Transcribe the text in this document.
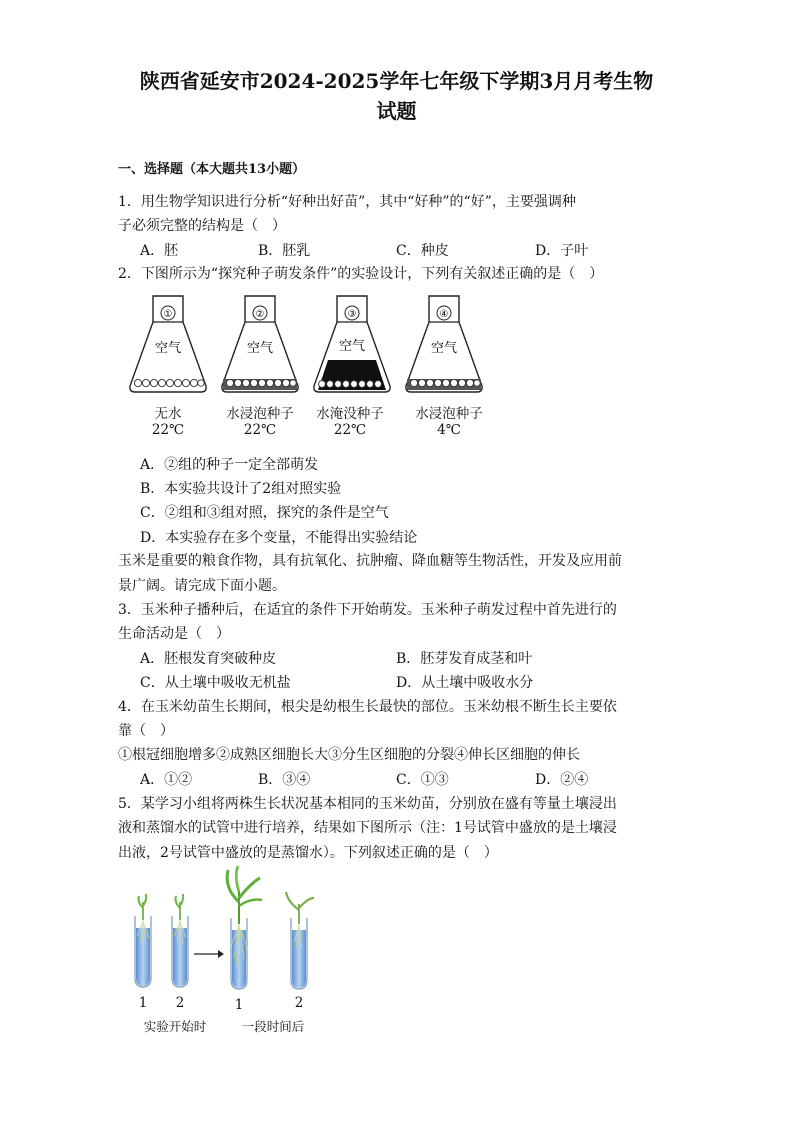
陕西省延安市2024-2025学年七年级下学期3月月考生物
试题
一、选择题（本大题共13小题）
1．用生物学知识进行分析“好种出好苗”，其中“好种”的“好”，主要强调种
子必须完整的结构是（　）
A．胚	B．胚乳	C．种皮	D．子叶
2．下图所示为“探究种子萌发条件”的实验设计，下列有关叙述正确的是（　）
①
空气
②
空气
③
空气
④
空气
无水
22℃
水浸泡种子
22℃
水淹没种子
22℃
水浸泡种子
4℃
A．②组的种子一定全部萌发
B．本实验共设计了2组对照实验
C．②组和③组对照，探究的条件是空气
D．本实验存在多个变量，不能得出实验结论
玉米是重要的粮食作物，具有抗氧化、抗肿瘤、降血糖等生物活性，开发及应用前
景广阔。请完成下面小题。
3．玉米种子播种后，在适宜的条件下开始萌发。玉米种子萌发过程中首先进行的
生命活动是（　）
A．胚根发育突破种皮	B．胚芽发育成茎和叶
C．从土壤中吸收无机盐	D．从土壤中吸收水分
4．在玉米幼苗生长期间，根尖是幼根生长最快的部位。玉米幼根不断生长主要依
靠（　）
①根冠细胞增多②成熟区细胞长大③分生区细胞的分裂④伸长区细胞的伸长
A．①②	B．③④	C．①③	D．②④
5．某学习小组将两株生长状况基本相同的玉米幼苗，分别放在盛有等量土壤浸出
液和蒸馏水的试管中进行培养，结果如下图所示（注：1号试管中盛放的是土壤浸
出液，2号试管中盛放的是蒸馏水）。下列叙述正确的是（　）
1 2	1	2
实验开始时	一段时间后
